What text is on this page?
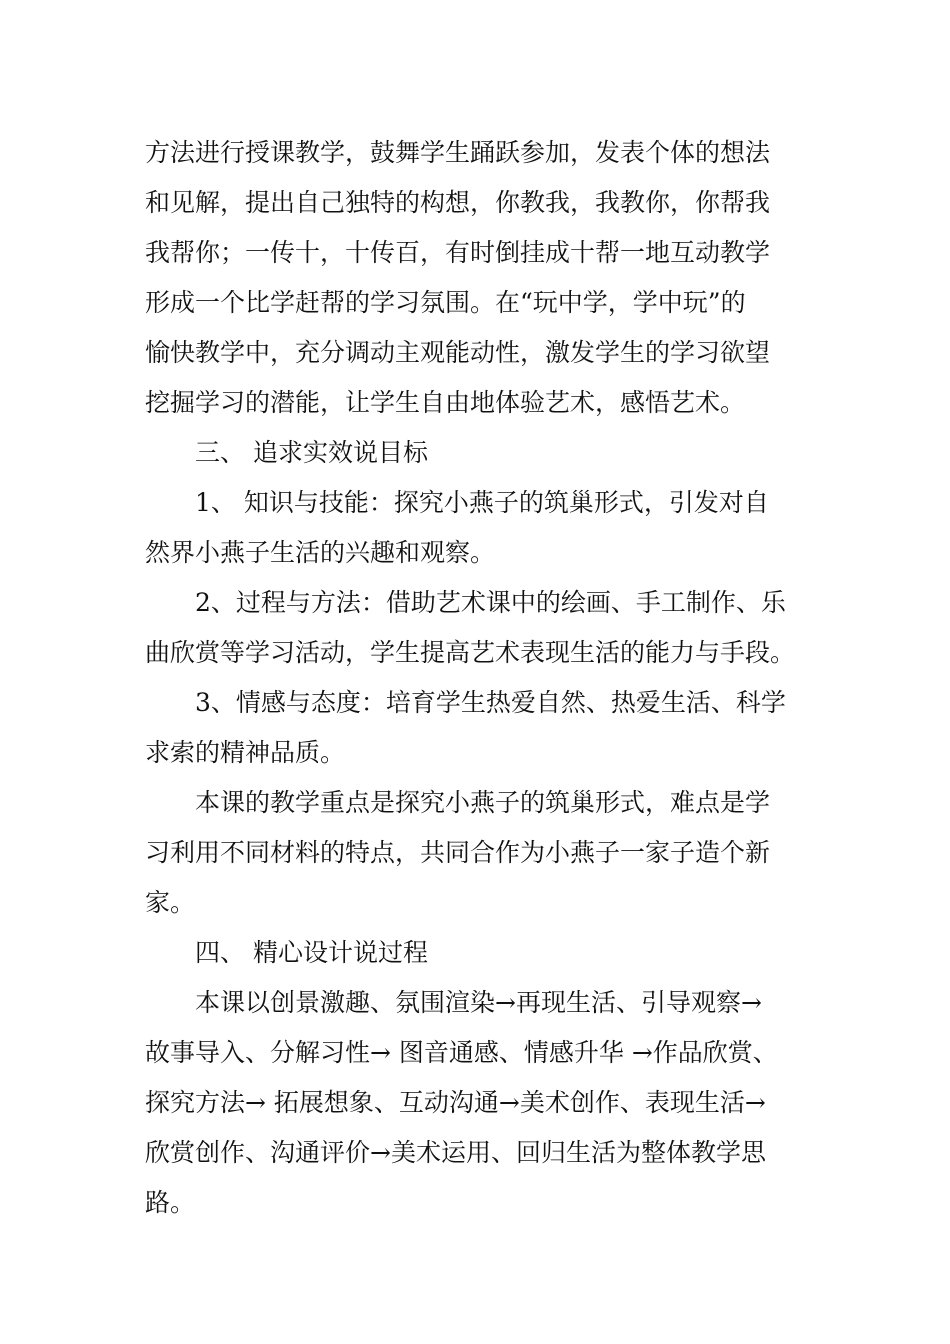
方法进行授课教学，鼓舞学生踊跃参加，发表个体的想法
和见解，提出自己独特的构想，你教我，我教你，你帮我
我帮你；一传十，十传百，有时倒挂成十帮一地互动教学
形成一个比学赶帮的学习氛围。在“玩中学，学中玩”的
愉快教学中，充分调动主观能动性，激发学生的学习欲望
挖掘学习的潜能，让学生自由地体验艺术，感悟艺术。
三、 追求实效说目标
1、 知识与技能：探究小燕子的筑巢形式，引发对自
然界小燕子生活的兴趣和观察。
2、过程与方法：借助艺术课中的绘画、手工制作、乐
曲欣赏等学习活动，学生提高艺术表现生活的能力与手段。
3、情感与态度：培育学生热爱自然、热爱生活、科学
求索的精神品质。
本课的教学重点是探究小燕子的筑巢形式，难点是学
习利用不同材料的特点，共同合作为小燕子一家子造个新
家。
四、 精心设计说过程
本课以创景激趣、氛围渲染→再现生活、引导观察→
故事导入、分解习性→ 图音通感、情感升华 →作品欣赏、
探究方法→ 拓展想象、互动沟通→美术创作、表现生活→
欣赏创作、沟通评价→美术运用、回归生活为整体教学思
路。
